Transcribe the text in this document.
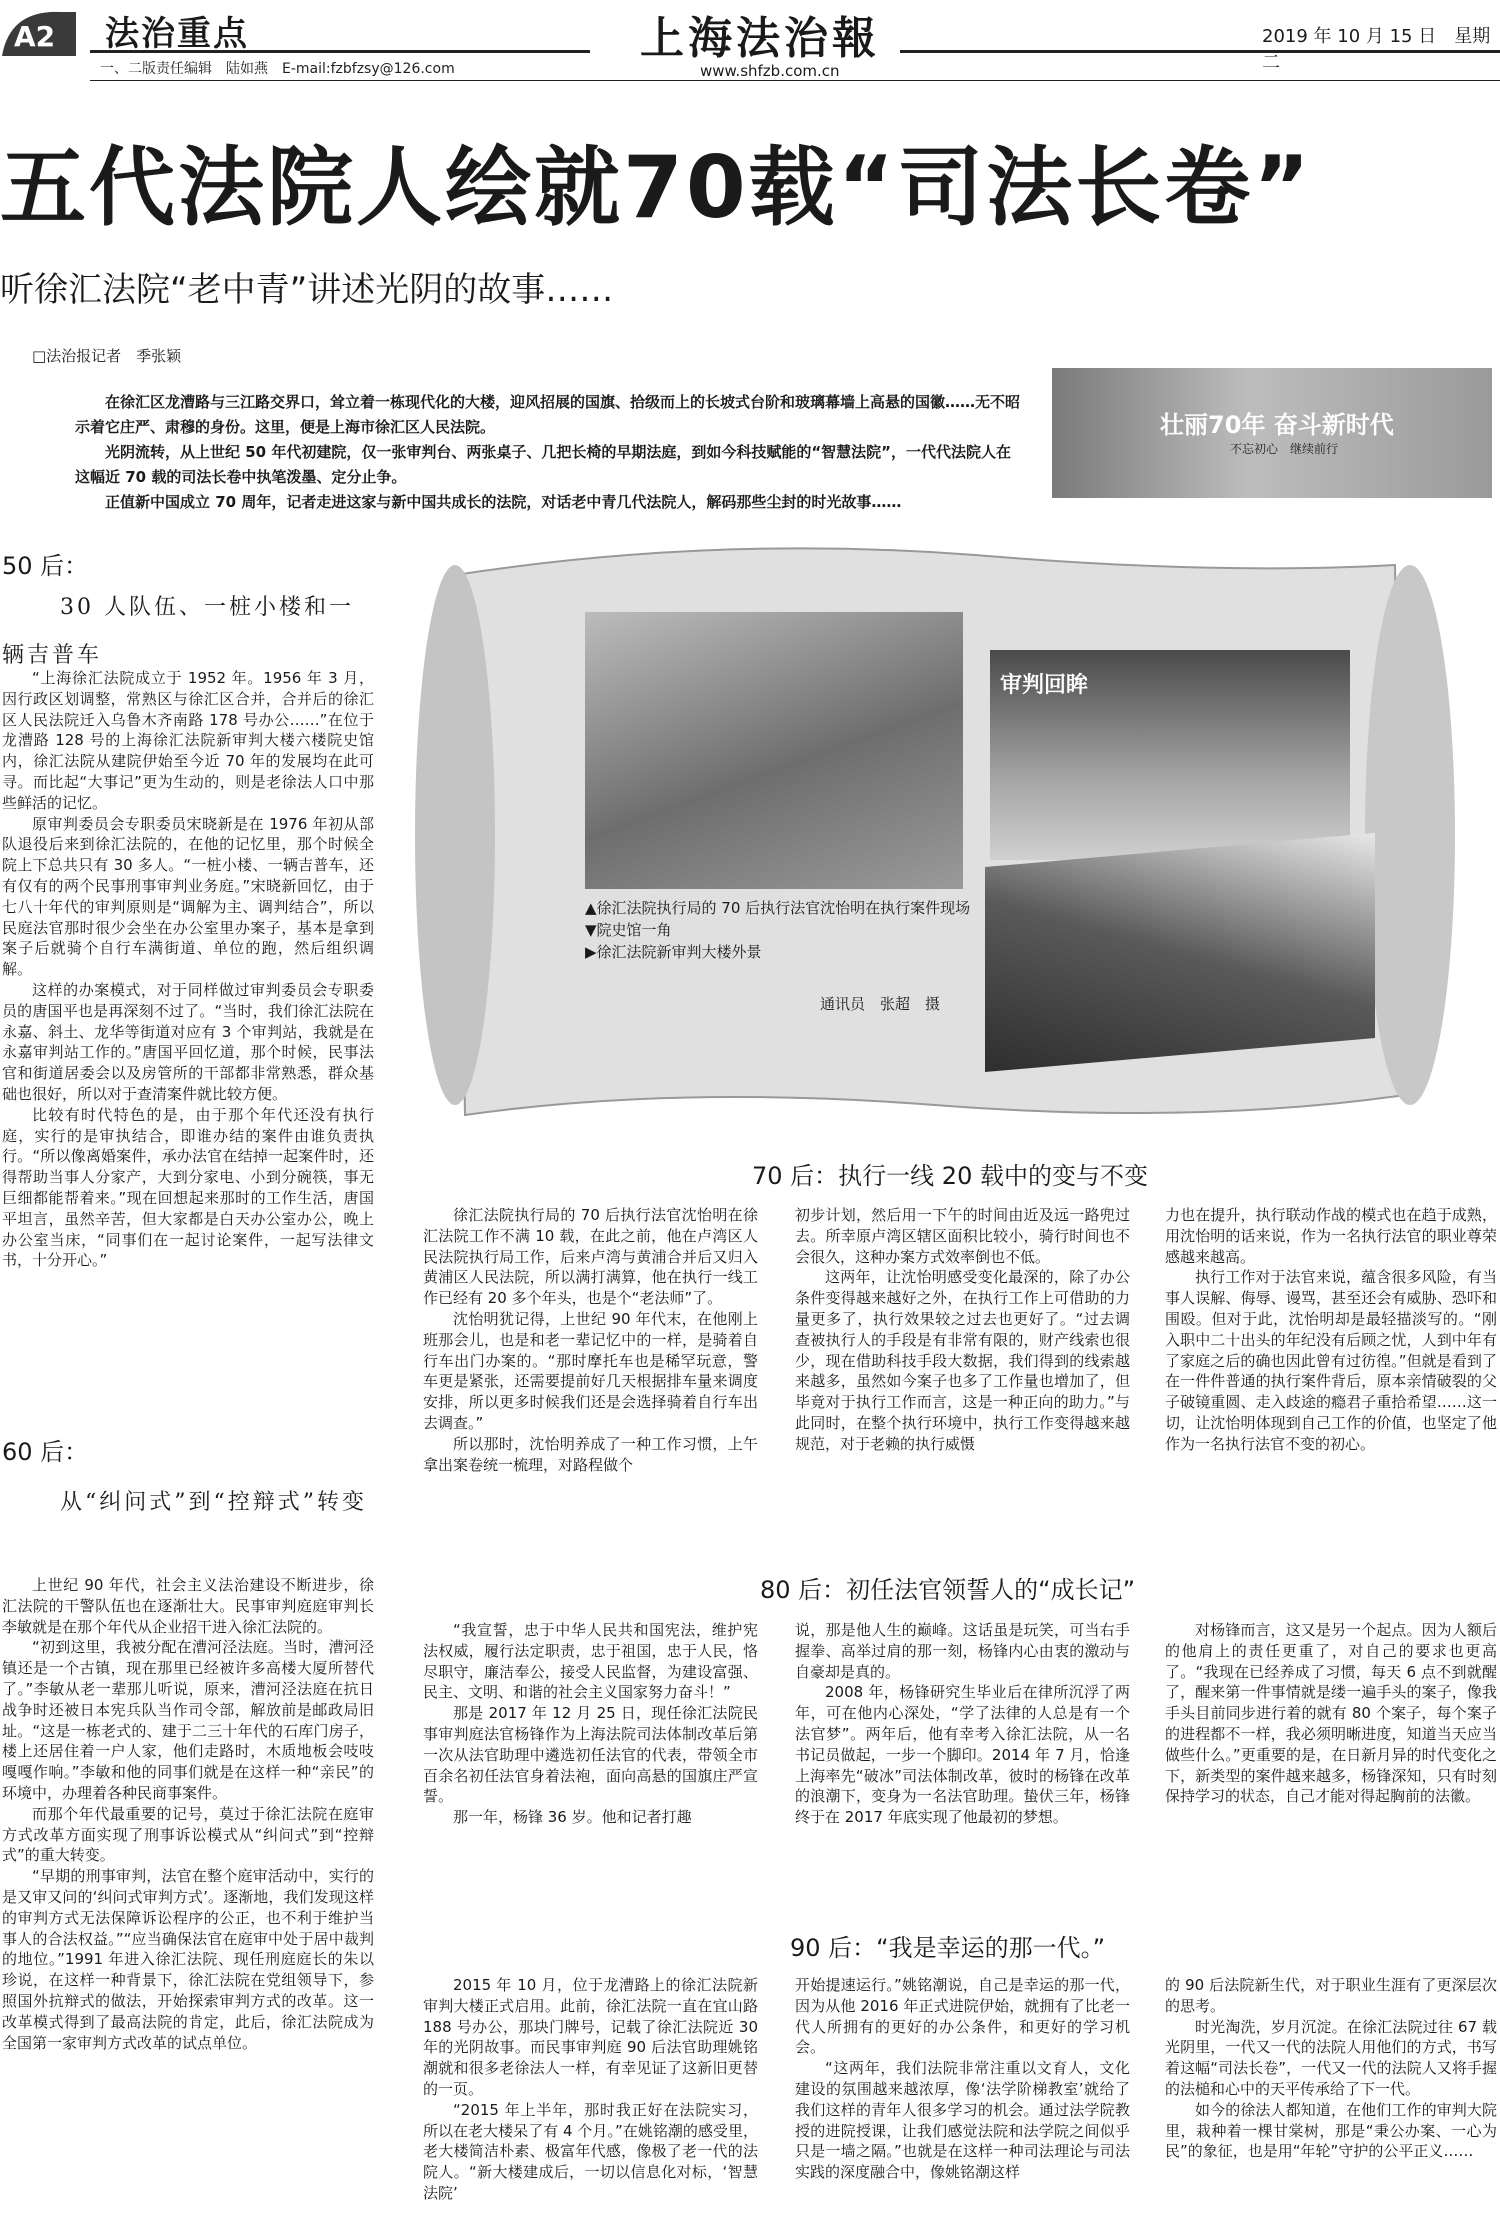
A2 法治重点
一、二版责任编辑　陆如燕　E-mail:fzbfzsy@126.com
上海法治報
www.shfzb.com.cn
2019 年 10 月 15 日　星期二
五代法院人绘就70载“司法长卷”
听徐汇法院“老中青”讲述光阴的故事……
□法治报记者　季张颖

在徐汇区龙漕路与三江路交界口，耸立着一栋现代化的大楼，迎风招展的国旗、拾级而上的长坡式台阶和玻璃幕墙上高悬的国徽……无不昭示着它庄严、肃穆的身份。这里，便是上海市徐汇区人民法院。

光阴流转，从上世纪 50 年代初建院，仅一张审判台、两张桌子、几把长椅的早期法庭，到如今科技赋能的“智慧法院”，一代代法院人在这幅近 70 载的司法长卷中执笔泼墨、定分止争。

正值新中国成立 70 周年，记者走进这家与新中国共成长的法院，对话老中青几代法院人，解码那些尘封的时光故事……

壮丽70年 奋斗新时代
不忘初心　继续前行
审判回眸
▲徐汇法院执行局的 70 后执行法官沈怡明在执行案件现场
▼院史馆一角
▶徐汇法院新审判大楼外景
通讯员　张超　摄
50 后：
30 人队伍、一桩小楼和一辆吉普车

“上海徐汇法院成立于 1952 年。1956 年 3 月，因行政区划调整，常熟区与徐汇区合并，合并后的徐汇区人民法院迁入乌鲁木齐南路 178 号办公……”在位于龙漕路 128 号的上海徐汇法院新审判大楼六楼院史馆内，徐汇法院从建院伊始至今近 70 年的发展均在此可寻。而比起“大事记”更为生动的，则是老徐法人口中那些鲜活的记忆。

原审判委员会专职委员宋晓新是在 1976 年初从部队退役后来到徐汇法院的，在他的记忆里，那个时候全院上下总共只有 30 多人。“一桩小楼、一辆吉普车，还有仅有的两个民事刑事审判业务庭。”宋晓新回忆，由于七八十年代的审判原则是“调解为主、调判结合”，所以民庭法官那时很少会坐在办公室里办案子，基本是拿到案子后就骑个自行车满街道、单位的跑，然后组织调解。

这样的办案模式，对于同样做过审判委员会专职委员的唐国平也是再深刻不过了。“当时，我们徐汇法院在永嘉、斜土、龙华等街道对应有 3 个审判站，我就是在永嘉审判站工作的。”唐国平回忆道，那个时候，民事法官和街道居委会以及房管所的干部都非常熟悉，群众基础也很好，所以对于查清案件就比较方便。

比较有时代特色的是，由于那个年代还没有执行庭，实行的是审执结合，即谁办结的案件由谁负责执行。“所以像离婚案件，承办法官在结掉一起案件时，还得帮助当事人分家产，大到分家电、小到分碗筷，事无巨细都能帮着来。”现在回想起来那时的工作生活，唐国平坦言，虽然辛苦，但大家都是白天办公室办公，晚上办公室当床，“同事们在一起讨论案件，一起写法律文书，十分开心。”

60 后：
从“纠问式”到“控辩式”转变

上世纪 90 年代，社会主义法治建设不断进步，徐汇法院的干警队伍也在逐渐壮大。民事审判庭庭审判长李敏就是在那个年代从企业招干进入徐汇法院的。

“初到这里，我被分配在漕河泾法庭。当时，漕河泾镇还是一个古镇，现在那里已经被许多高楼大厦所替代了。”李敏从老一辈那儿听说，原来，漕河泾法庭在抗日战争时还被日本宪兵队当作司令部，解放前是邮政局旧址。“这是一栋老式的、建于二三十年代的石库门房子，楼上还居住着一户人家，他们走路时，木质地板会吱吱嘎嘎作响。”李敏和他的同事们就是在这样一种“亲民”的环境中，办理着各种民商事案件。

而那个年代最重要的记号，莫过于徐汇法院在庭审方式改革方面实现了刑事诉讼模式从“纠问式”到“控辩式”的重大转变。

“早期的刑事审判，法官在整个庭审活动中，实行的是又审又问的‘纠问式审判方式’。逐渐地，我们发现这样的审判方式无法保障诉讼程序的公正，也不利于维护当事人的合法权益。”“应当确保法官在庭审中处于居中裁判的地位。”1991 年进入徐汇法院、现任刑庭庭长的朱以珍说，在这样一种背景下，徐汇法院在党组领导下，参照国外抗辩式的做法，开始探索审判方式的改革。这一改革模式得到了最高法院的肯定，此后，徐汇法院成为全国第一家审判方式改革的试点单位。

70 后：执行一线 20 载中的变与不变

徐汇法院执行局的 70 后执行法官沈怡明在徐汇法院工作不满 10 载，在此之前，他在卢湾区人民法院执行局工作，后来卢湾与黄浦合并后又归入黄浦区人民法院，所以满打满算，他在执行一线工作已经有 20 多个年头，也是个“老法师”了。

沈怡明犹记得，上世纪 90 年代末，在他刚上班那会儿，也是和老一辈记忆中的一样，是骑着自行车出门办案的。“那时摩托车也是稀罕玩意，警车更是紧张，还需要提前好几天根据排车量来调度安排，所以更多时候我们还是会选择骑着自行车出去调查。”

所以那时，沈怡明养成了一种工作习惯，上午拿出案卷统一梳理，对路程做个

初步计划，然后用一下午的时间由近及远一路兜过去。所幸原卢湾区辖区面积比较小，骑行时间也不会很久，这种办案方式效率倒也不低。

这两年，让沈怡明感受变化最深的，除了办公条件变得越来越好之外，在执行工作上可借助的力量更多了，执行效果较之过去也更好了。“过去调查被执行人的手段是有非常有限的，财产线索也很少，现在借助科技手段大数据，我们得到的线索越来越多，虽然如今案子也多了工作量也增加了，但毕竟对于执行工作而言，这是一种正向的助力。”与此同时，在整个执行环境中，执行工作变得越来越规范，对于老赖的执行威慑

力也在提升，执行联动作战的模式也在趋于成熟，用沈怡明的话来说，作为一名执行法官的职业尊荣感越来越高。

执行工作对于法官来说，蕴含很多风险，有当事人误解、侮辱、谩骂，甚至还会有威胁、恐吓和围殴。但对于此，沈怡明却是最轻描淡写的。“刚入职中二十出头的年纪没有后顾之忧，人到中年有了家庭之后的确也因此曾有过彷徨。”但就是看到了在一件件普通的执行案件背后，原本亲情破裂的父子破镜重圆、走入歧途的瘾君子重拾希望……这一切，让沈怡明体现到自己工作的价值，也坚定了他作为一名执行法官不变的初心。

80 后：初任法官领誓人的“成长记”

“我宣誓，忠于中华人民共和国宪法，维护宪法权威，履行法定职责，忠于祖国，忠于人民，恪尽职守，廉洁奉公，接受人民监督，为建设富强、民主、文明、和谐的社会主义国家努力奋斗！”

那是 2017 年 12 月 25 日，现任徐汇法院民事审判庭法官杨锋作为上海法院司法体制改革后第一次从法官助理中遴选初任法官的代表，带领全市百余名初任法官身着法袍，面向高悬的国旗庄严宣誓。

那一年，杨锋 36 岁。他和记者打趣

说，那是他人生的巅峰。这话虽是玩笑，可当右手握拳、高举过肩的那一刻，杨锋内心由衷的激动与自豪却是真的。

2008 年，杨锋研究生毕业后在律所沉浮了两年，可在他内心深处，“学了法律的人总是有一个法官梦”。两年后，他有幸考入徐汇法院，从一名书记员做起，一步一个脚印。2014 年 7 月，恰逢上海率先“破冰”司法体制改革，彼时的杨锋在改革的浪潮下，变身为一名法官助理。蛰伏三年，杨锋终于在 2017 年底实现了他最初的梦想。

对杨锋而言，这又是另一个起点。因为人额后的他肩上的责任更重了，对自己的要求也更高了。“我现在已经养成了习惯，每天 6 点不到就醒了，醒来第一件事情就是缕一遍手头的案子，像我手头目前同步进行着的就有 80 个案子，每个案子的进程都不一样，我必须明晰进度，知道当天应当做些什么。”更重要的是，在日新月异的时代变化之下，新类型的案件越来越多，杨锋深知，只有时刻保持学习的状态，自己才能对得起胸前的法徽。

90 后：“我是幸运的那一代。”

2015 年 10 月，位于龙漕路上的徐汇法院新审判大楼正式启用。此前，徐汇法院一直在宜山路 188 号办公，那块门牌号，记载了徐汇法院近 30 年的光阴故事。而民事审判庭 90 后法官助理姚铭潮就和很多老徐法人一样，有幸见证了这新旧更替的一页。

“2015 年上半年，那时我正好在法院实习，所以在老大楼呆了有 4 个月。”在姚铭潮的感受里，老大楼简洁朴素、极富年代感，像极了老一代的法院人。“新大楼建成后，一切以信息化对标，‘智慧法院’

开始提速运行。”姚铭潮说，自己是幸运的那一代，因为从他 2016 年正式进院伊始，就拥有了比老一代人所拥有的更好的办公条件，和更好的学习机会。

“这两年，我们法院非常注重以文育人，文化建设的氛围越来越浓厚，像‘法学阶梯教室’就给了我们这样的青年人很多学习的机会。通过法学院教授的进院授课，让我们感觉法院和法学院之间似乎只是一墙之隔。”也就是在这样一种司法理论与司法实践的深度融合中，像姚铭潮这样

的 90 后法院新生代，对于职业生涯有了更深层次的思考。

时光淘洗，岁月沉淀。在徐汇法院过往 67 载光阴里，一代又一代的法院人用他们的方式，书写着这幅“司法长卷”，一代又一代的法院人又将手握的法槌和心中的天平传承给了下一代。

如今的徐法人都知道，在他们工作的审判大院里，栽种着一棵甘棠树，那是“秉公办案、一心为民”的象征，也是用“年轮”守护的公平正义……
